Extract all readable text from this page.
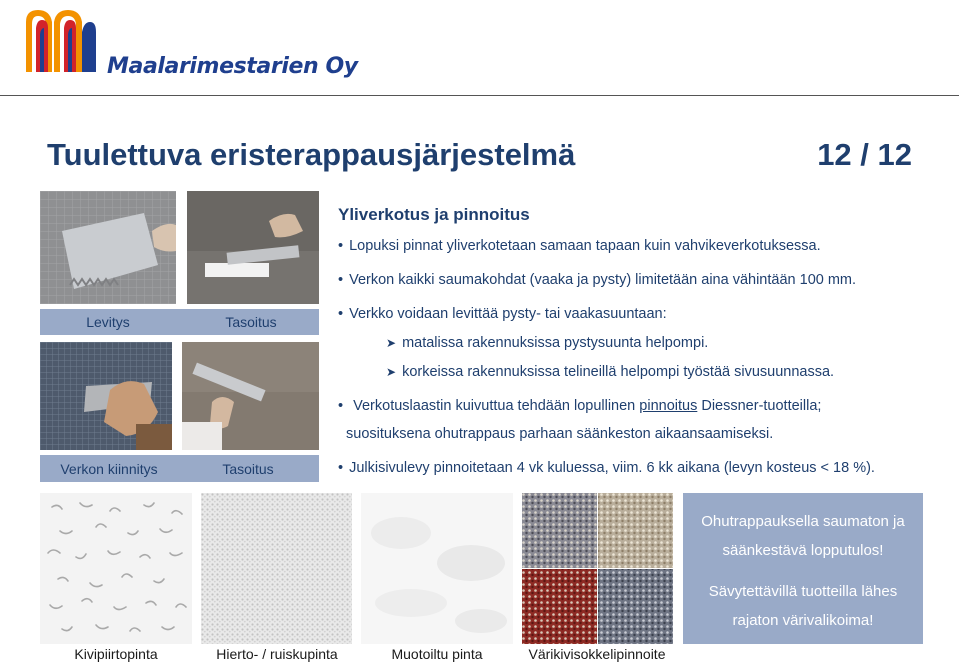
Maalarimestarien Oy
Tuulettuva eristerappausjärjestelmä	12 / 12
Levitys	Tasoitus
Verkon kiinnitys	Tasoitus
Yliverkotus ja pinnoitus
• Lopuksi pinnat yliverkotetaan samaan tapaan kuin vahvikeverkotuksessa.
• Verkon kaikki saumakohdat (vaaka ja pysty) limitetään aina vähintään 100 mm.
• Verkko voidaan levittää pysty- tai vaakasuuntaan:
➤ matalissa rakennuksissa pystysuunta helpompi.
➤ korkeissa rakennuksissa telineillä helpompi työstää sivusuunnassa.
• Verkotuslaastin kuivuttua tehdään lopullinen pinnoitus Diessner-tuotteilla;
suosituksena ohutrappaus parhaan säänkeston aikaansaamiseksi.
• Julkisivulevy pinnoitetaan 4 vk kuluessa, viim. 6 kk aikana (levyn kosteus < 18 %).
Kivipiirtopinta	Hierto- / ruiskupinta	Muotoiltu pinta	Värikivisokkelipinnoite
Ohutrappauksella saumaton ja
säänkestävä lopputulos!
Sävytettävillä tuotteilla lähes
rajaton värivalikoima!
